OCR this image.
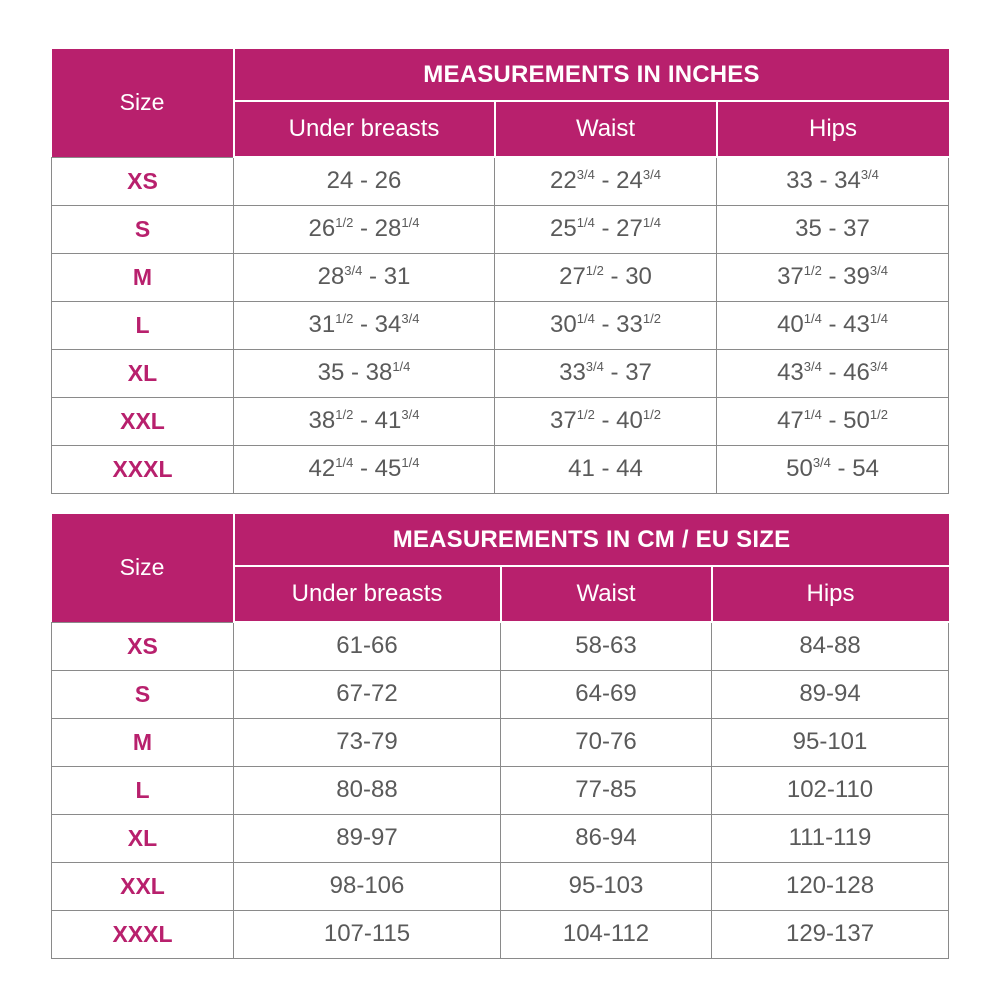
Size	MEASUREMENTS IN INCHES		
	Under breasts	Waist	Hips
XS	24 - 26	$22^{3/4} - 24^{3/4}$	$33 - 34^{3/4}$
S	$26^{1/2} - 28^{1/4}$	$25^{1/4} - 27^{1/4}$	35 - 37
M	$28^{3/4} - 31$	$27^{1/2} - 30$	$37^{1/2} - 39^{3/4}$
L	$31^{1/2} - 34^{3/4}$	$30^{1/4} - 33^{1/2}$	$40^{1/4} - 43^{1/4}$
XL	$35 - 38^{1/4}$	$33^{3/4} - 37$	$43^{3/4} - 46^{3/4}$
XXL	$38^{1/2} - 41^{3/4}$	$37^{1/2} - 40^{1/2}$	$47^{1/4} - 50^{1/2}$
XXXL	$42^{1/4} - 45^{1/4}$	41 - 44	$50^{3/4} - 54$
Size	MEASUREMENTS IN CM / EU SIZE		
	Under breasts	Waist	Hips
XS	61-66	58-63	84-88
S	67-72	64-69	89-94
M	73-79	70-76	95-101
L	80-88	77-85	102-110
XL	89-97	86-94	111-119
XXL	98-106	95-103	120-128
XXXL	107-115	104-112	129-137
